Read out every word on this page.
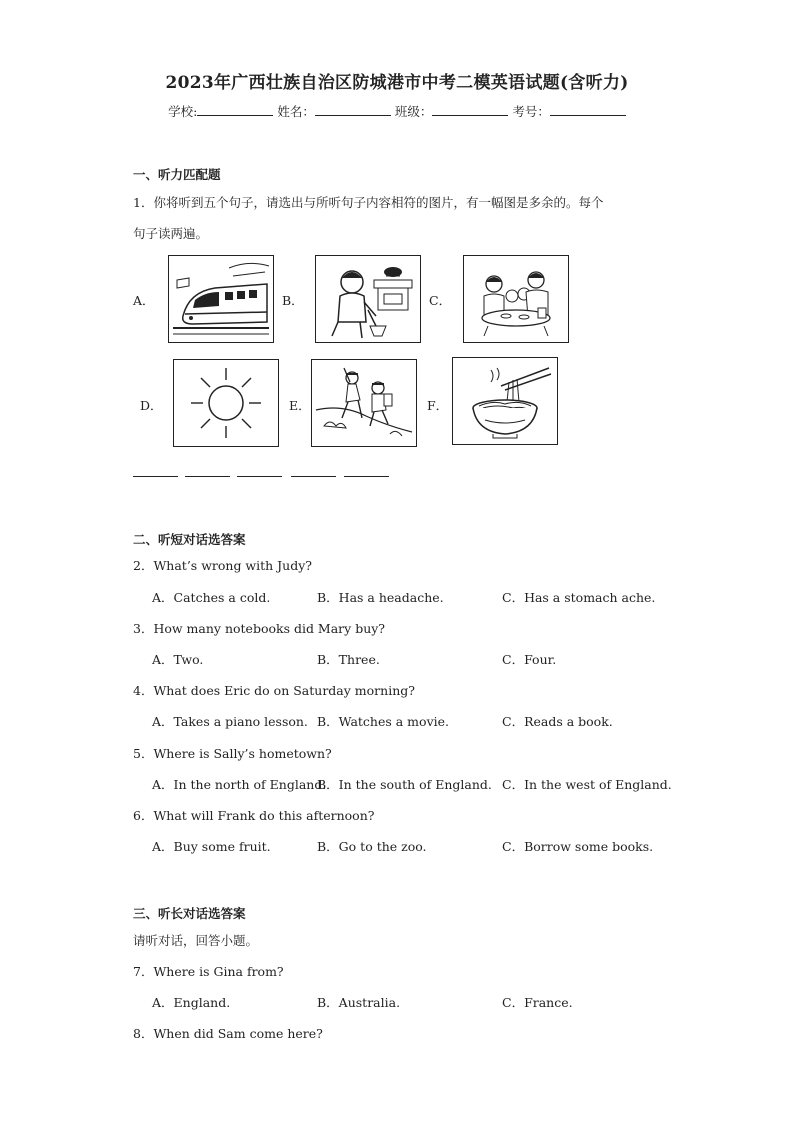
2023年广西壮族自治区防城港市中考二模英语试题(含听力)
学校:	姓名：	班级：	考号：
一、听力匹配题
1．你将听到五个句子，请选出与所听句子内容相符的图片，有一幅图是多余的。每个
句子读两遍。
A．	B．	C．
D．	E．	F．
二、听短对话选答案
2．What’s wrong with Judy?
A．Catches a cold.	B．Has a headache.	C．Has a stomach ache.
3．How many notebooks did Mary buy?
A．Two.	B．Three.	C．Four.
4．What does Eric do on Saturday morning?
A．Takes a piano lesson. B．Watches a movie.	C．Reads a book.
5．Where is Sally’s hometown?
A．In the north of England.
B．In the south of England. C．In the west of England.
6．What will Frank do this afternoon?
A．Buy some fruit.	B．Go to the zoo.	C．Borrow some books.
三、听长对话选答案
请听对话，回答小题。
7．Where is Gina from?
A．England.	B．Australia.	C．France.
8．When did Sam come here?
